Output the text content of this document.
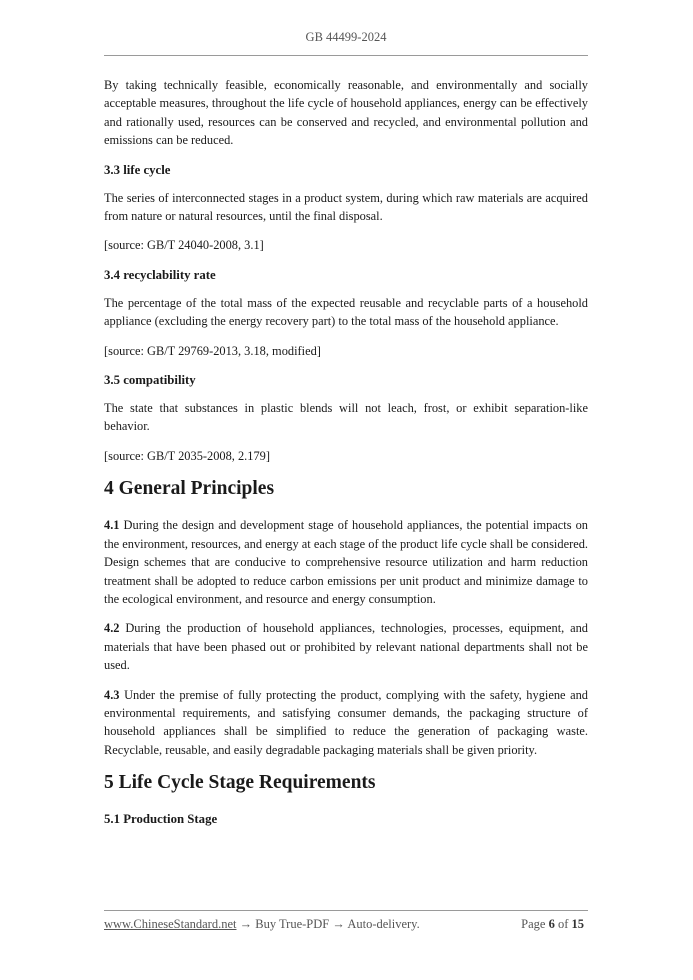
GB 44499-2024

By taking technically feasible, economically reasonable, and environmentally and socially acceptable measures, throughout the life cycle of household appliances, energy can be effectively and rationally used, resources can be conserved and recycled, and environmental pollution and emissions can be reduced.

3.3 life cycle

The series of interconnected stages in a product system, during which raw materials are acquired from nature or natural resources, until the final disposal.

[source: GB/T 24040-2008, 3.1]

3.4 recyclability rate

The percentage of the total mass of the expected reusable and recyclable parts of a household appliance (excluding the energy recovery part) to the total mass of the household appliance.

[source: GB/T 29769-2013, 3.18, modified]

3.5 compatibility

The state that substances in plastic blends will not leach, frost, or exhibit separation-like behavior.

[source: GB/T 2035-2008, 2.179]

4 General Principles

4.1 During the design and development stage of household appliances, the potential impacts on the environment, resources, and energy at each stage of the product life cycle shall be considered. Design schemes that are conducive to comprehensive resource utilization and harm reduction treatment shall be adopted to reduce carbon emissions per unit product and minimize damage to the ecological environment, and resource and energy consumption.

4.2 During the production of household appliances, technologies, processes, equipment, and materials that have been phased out or prohibited by relevant national departments shall not be used.

4.3 Under the premise of fully protecting the product, complying with the safety, hygiene and environmental requirements, and satisfying consumer demands, the packaging structure of household appliances shall be simplified to reduce the generation of packaging waste. Recyclable, reusable, and easily degradable packaging materials shall be given priority.

5 Life Cycle Stage Requirements
5.1 Production Stage
www.ChineseStandard.net → Buy True-PDF → Auto-delivery.	Page 6 of 15
